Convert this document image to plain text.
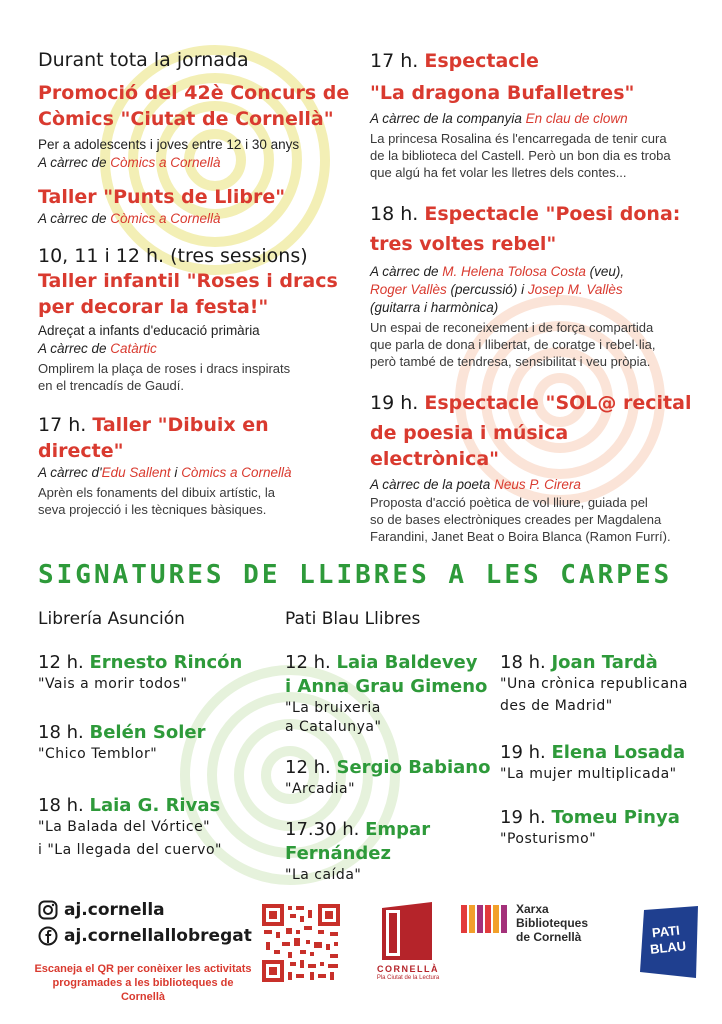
Durant tota la jornada
Promoció del 42è Concurs de
Còmics "Ciutat de Cornellà"
Per a adolescents i joves entre 12 i 30 anys
A càrrec de Còmics a Cornellà
Taller "Punts de Llibre"
A càrrec de Còmics a Cornellà
10, 11 i 12 h. (tres sessions)
Taller infantil "Roses i dracs
per decorar la festa!"
Adreçat a infants d'educació primària
A càrrec de Catàrtic
Omplirem la plaça de roses i dracs inspirats
en el trencadís de Gaudí.
17 h. Taller "Dibuix en directe"
A càrrec d'Edu Sallent i Còmics a Cornellà
Aprèn els fonaments del dibuix artístic, la
seva projecció i les tècniques bàsiques.
17 h. Espectacle
"La dragona Bufalletres"
A càrrec de la companyia En clau de clown
La princesa Rosalina és l'encarregada de tenir cura
de la biblioteca del Castell. Però un bon dia es troba
que algú ha fet volar les lletres dels contes...
18 h. Espectacle "Poesi dona:
tres voltes rebel"
A càrrec de M. Helena Tolosa Costa (veu),
Roger Vallès (percussió) i Josep M. Vallès
(guitarra i harmònica)
Un espai de reconeixement i de força compartida
que parla de dona i llibertat, de coratge i rebel·lia,
però també de tendresa, sensibilitat i veu pròpia.
19 h. Espectacle "SOL@ recital
de poesia i música electrònica"
A càrrec de la poeta Neus P. Cirera
Proposta d'acció poètica de vol lliure, guiada pel
so de bases electròniques creades per Magdalena
Farandini, Janet Beat o Boira Blanca (Ramon Furrí).
SIGNATURES DE LLIBRES A LES CARPES
Librería Asunción	Pati Blau Llibres
12 h. Ernesto Rincón
"Vais a morir todos"
18 h. Belén Soler
"Chico Temblor"
18 h. Laia G. Rivas
"La Balada del Vórtice"
i "La llegada del cuervo"
12 h. Laia Baldevey
i Anna Grau Gimeno
"La bruixeria
a Catalunya"
12 h. Sergio Babiano
"Arcadia"
17.30 h. Empar
Fernández
"La caída"
18 h. Joan Tardà
"Una crònica republicana
des de Madrid"
19 h. Elena Losada
"La mujer multiplicada"
19 h. Tomeu Pinya
"Posturismo"
aj.cornella
aj.cornellallobregat
Escaneja el QR per conèixer les activitats
programades a les biblioteques de Cornellà
CORNELLÀ
Pla Ciutat de la Lectura
Xarxa
Biblioteques
de Cornellà	PATI
BLAU
